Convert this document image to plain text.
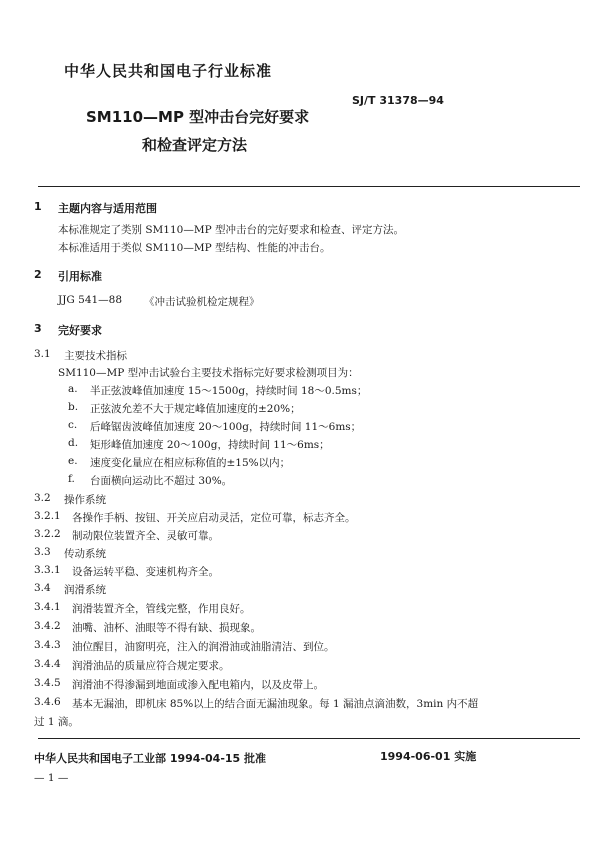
中华人民共和国电子行业标准
SM110—MP 型冲击台完好要求
和检查评定方法
SJ/T 31378—94
1 主题内容与适用范围
本标准规定了类别 SM110—MP 型冲击台的完好要求和检查、评定方法。
本标准适用于类似 SM110—MP 型结构、性能的冲击台。
2 引用标准
JJG 541—88 《冲击试验机检定规程》
3 完好要求
3.1 主要技术指标
SM110—MP 型冲击试验台主要技术指标完好要求检测项目为：
a. 半正弦波峰值加速度 15～1500g，持续时间 18～0.5ms；
b. 正弦波允差不大于规定峰值加速度的±20%；
c. 后峰锯齿波峰值加速度 20～100g，持续时间 11～6ms；
d. 矩形峰值加速度 20～100g，持续时间 11～6ms；
e. 速度变化量应在相应标称值的±15%以内；
f. 台面横向运动比不超过 30%。
3.2 操作系统
3.2.1 各操作手柄、按钮、开关应启动灵活，定位可靠，标志齐全。
3.2.2 制动限位装置齐全、灵敏可靠。
3.3 传动系统
3.3.1 设备运转平稳、变速机构齐全。
3.4 润滑系统
3.4.1 润滑装置齐全，管线完整，作用良好。
3.4.2 油嘴、油杯、油眼等不得有缺、损现象。
3.4.3 油位醒目，油窗明亮，注入的润滑油或油脂清洁、到位。
3.4.4 润滑油品的质量应符合规定要求。
3.4.5 润滑油不得渗漏到地面或渗入配电箱内，以及皮带上。
3.4.6 基本无漏油，即机床 85%以上的结合面无漏油现象。每 1 漏油点滴油数，3min 内不超
过 1 滴。
中华人民共和国电子工业部 1994-04-15 批准	1994-06-01 实施
— 1 —
